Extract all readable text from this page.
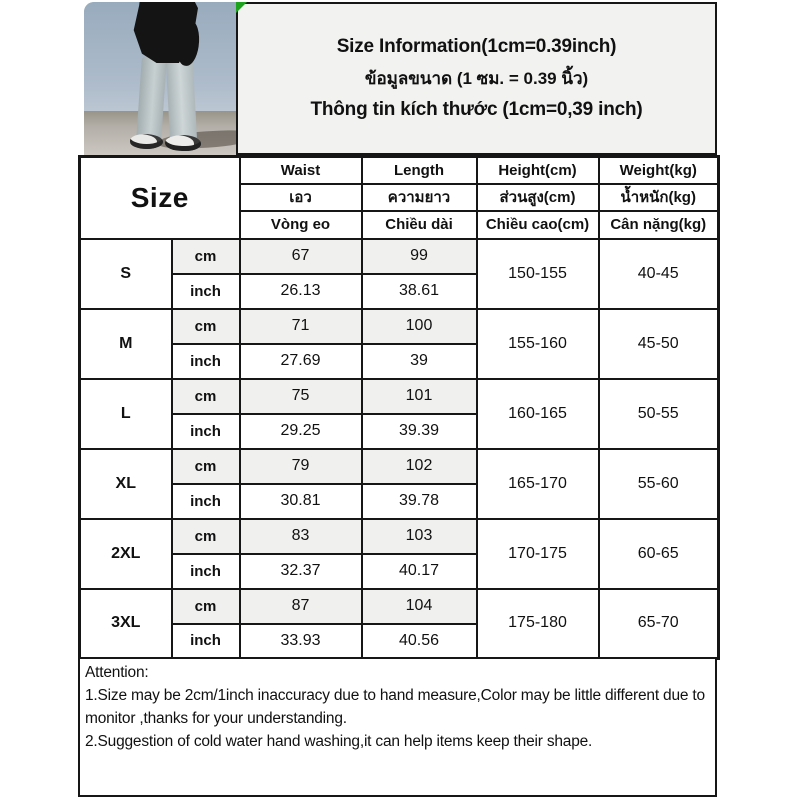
Size Information(1cm=0.39inch)
ข้อมูลขนาด (1 ซม. = 0.39 นิ้ว)
Thông tin kích thước (1cm=0,39 inch)
Size		Waist	Length	Height(cm)	Weight(kg)
		เอว	ความยาว	ส่วนสูง(cm)	น้ำหนัก(kg)
		Vòng eo	Chiều dài	Chiều cao(cm)	Cân nặng(kg)
S	cm	67	99	150-155	40-45
	inch	26.13	38.61		
M	cm	71	100	155-160	45-50
	inch	27.69	39		
L	cm	75	101	160-165	50-55
	inch	29.25	39.39		
XL	cm	79	102	165-170	55-60
	inch	30.81	39.78		
2XL	cm	83	103	170-175	60-65
	inch	32.37	40.17		
3XL	cm	87	104	175-180	65-70
	inch	33.93	40.56		
Attention:
1.Size may be 2cm/1inch inaccuracy due to hand measure,Color may be little different due to monitor ,thanks for your understanding.
2.Suggestion of cold water hand washing,it can help items keep their shape.
